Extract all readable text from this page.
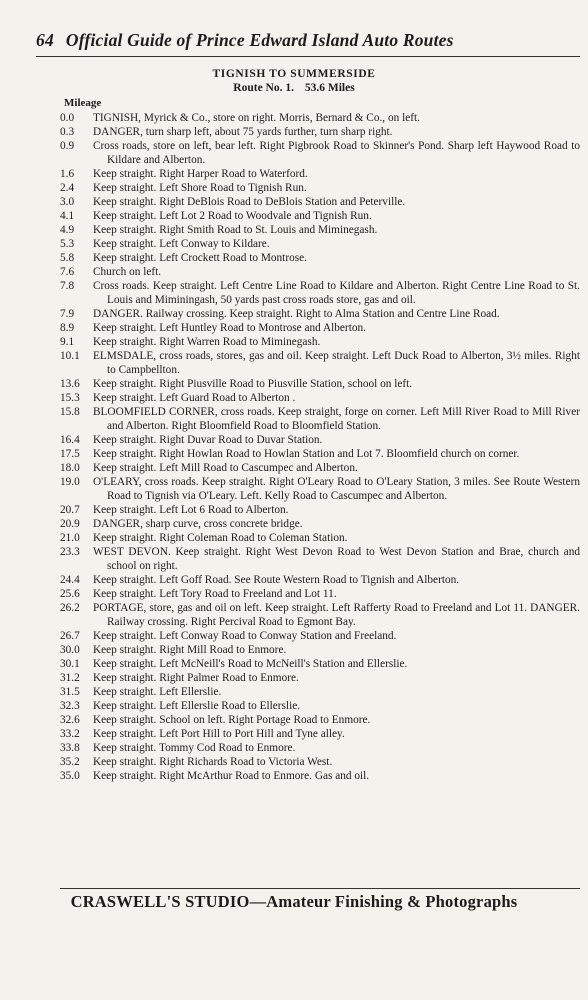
64 Official Guide of Prince Edward Island Auto Routes
TIGNISH TO SUMMERSIDE
Route No. 1. 53.6 Miles
Mileage
0.0	TIGNISH, Myrick & Co., store on right. Morris, Bernard & Co., on left.
0.3	DANGER, turn sharp left, about 75 yards further, turn sharp right.
0.9	Cross roads, store on left, bear left. Right Pigbrook Road to Skinner's Pond. Sharp left Haywood Road to Kildare and Alberton.
1.6	Keep straight. Right Harper Road to Waterford.
2.4	Keep straight. Left Shore Road to Tignish Run.
3.0	Keep straight. Right DeBlois Road to DeBlois Station and Peterville.
4.1	Keep straight. Left Lot 2 Road to Woodvale and Tignish Run.
4.9	Keep straight. Right Smith Road to St. Louis and Miminegash.
5.3	Keep straight. Left Conway to Kildare.
5.8	Keep straight. Left Crockett Road to Montrose.
7.6	Church on left.
7.8	Cross roads. Keep straight. Left Centre Line Road to Kildare and Alberton. Right Centre Line Road to St. Louis and Miminingash, 50 yards past cross roads store, gas and oil.
7.9	DANGER. Railway crossing. Keep straight. Right to Alma Station and Centre Line Road.
8.9	Keep straight. Left Huntley Road to Montrose and Alberton.
9.1	Keep straight. Right Warren Road to Miminegash.
10.1	ELMSDALE, cross roads, stores, gas and oil. Keep straight. Left Duck Road to Alberton, 3½ miles. Right to Campbellton.
13.6	Keep straight. Right Piusville Road to Piusville Station, school on left.
15.3	Keep straight. Left Guard Road to Alberton .
15.8	BLOOMFIELD CORNER, cross roads. Keep straight, forge on corner. Left Mill River Road to Mill River and Alberton. Right Bloomfield Road to Bloomfield Station.
16.4	Keep straight. Right Duvar Road to Duvar Station.
17.5	Keep straight. Right Howlan Road to Howlan Station and Lot 7. Bloomfield church on corner.
18.0	Keep straight. Left Mill Road to Cascumpec and Alberton.
19.0	O'LEARY, cross roads. Keep straight. Right O'Leary Road to O'Leary Station, 3 miles. See Route Western Road to Tignish via O'Leary. Left. Kelly Road to Cascumpec and Alberton.
20.7	Keep straight. Left Lot 6 Road to Alberton.
20.9	DANGER, sharp curve, cross concrete bridge.
21.0	Keep straight. Right Coleman Road to Coleman Station.
23.3	WEST DEVON. Keep straight. Right West Devon Road to West Devon Station and Brae, church and school on right.
24.4	Keep straight. Left Goff Road. See Route Western Road to Tignish and Alberton.
25.6	Keep straight. Left Tory Road to Freeland and Lot 11.
26.2	PORTAGE, store, gas and oil on left. Keep straight. Left Rafferty Road to Freeland and Lot 11. DANGER. Railway crossing. Right Percival Road to Egmont Bay.
26.7	Keep straight. Left Conway Road to Conway Station and Freeland.
30.0	Keep straight. Right Mill Road to Enmore.
30.1	Keep straight. Left McNeill's Road to McNeill's Station and Ellerslie.
31.2	Keep straight. Right Palmer Road to Enmore.
31.5	Keep straight. Left Ellerslie.
32.3	Keep straight. Left Ellerslie Road to Ellerslie.
32.6	Keep straight. School on left. Right Portage Road to Enmore.
33.2	Keep straight. Left Port Hill to Port Hill and Tyne alley.
33.8	Keep straight. Tommy Cod Road to Enmore.
35.2	Keep straight. Right Richards Road to Victoria West.
35.0	Keep straight. Right McArthur Road to Enmore. Gas and oil.
CRASWELL'S STUDIO—Amateur Finishing & Photographs
